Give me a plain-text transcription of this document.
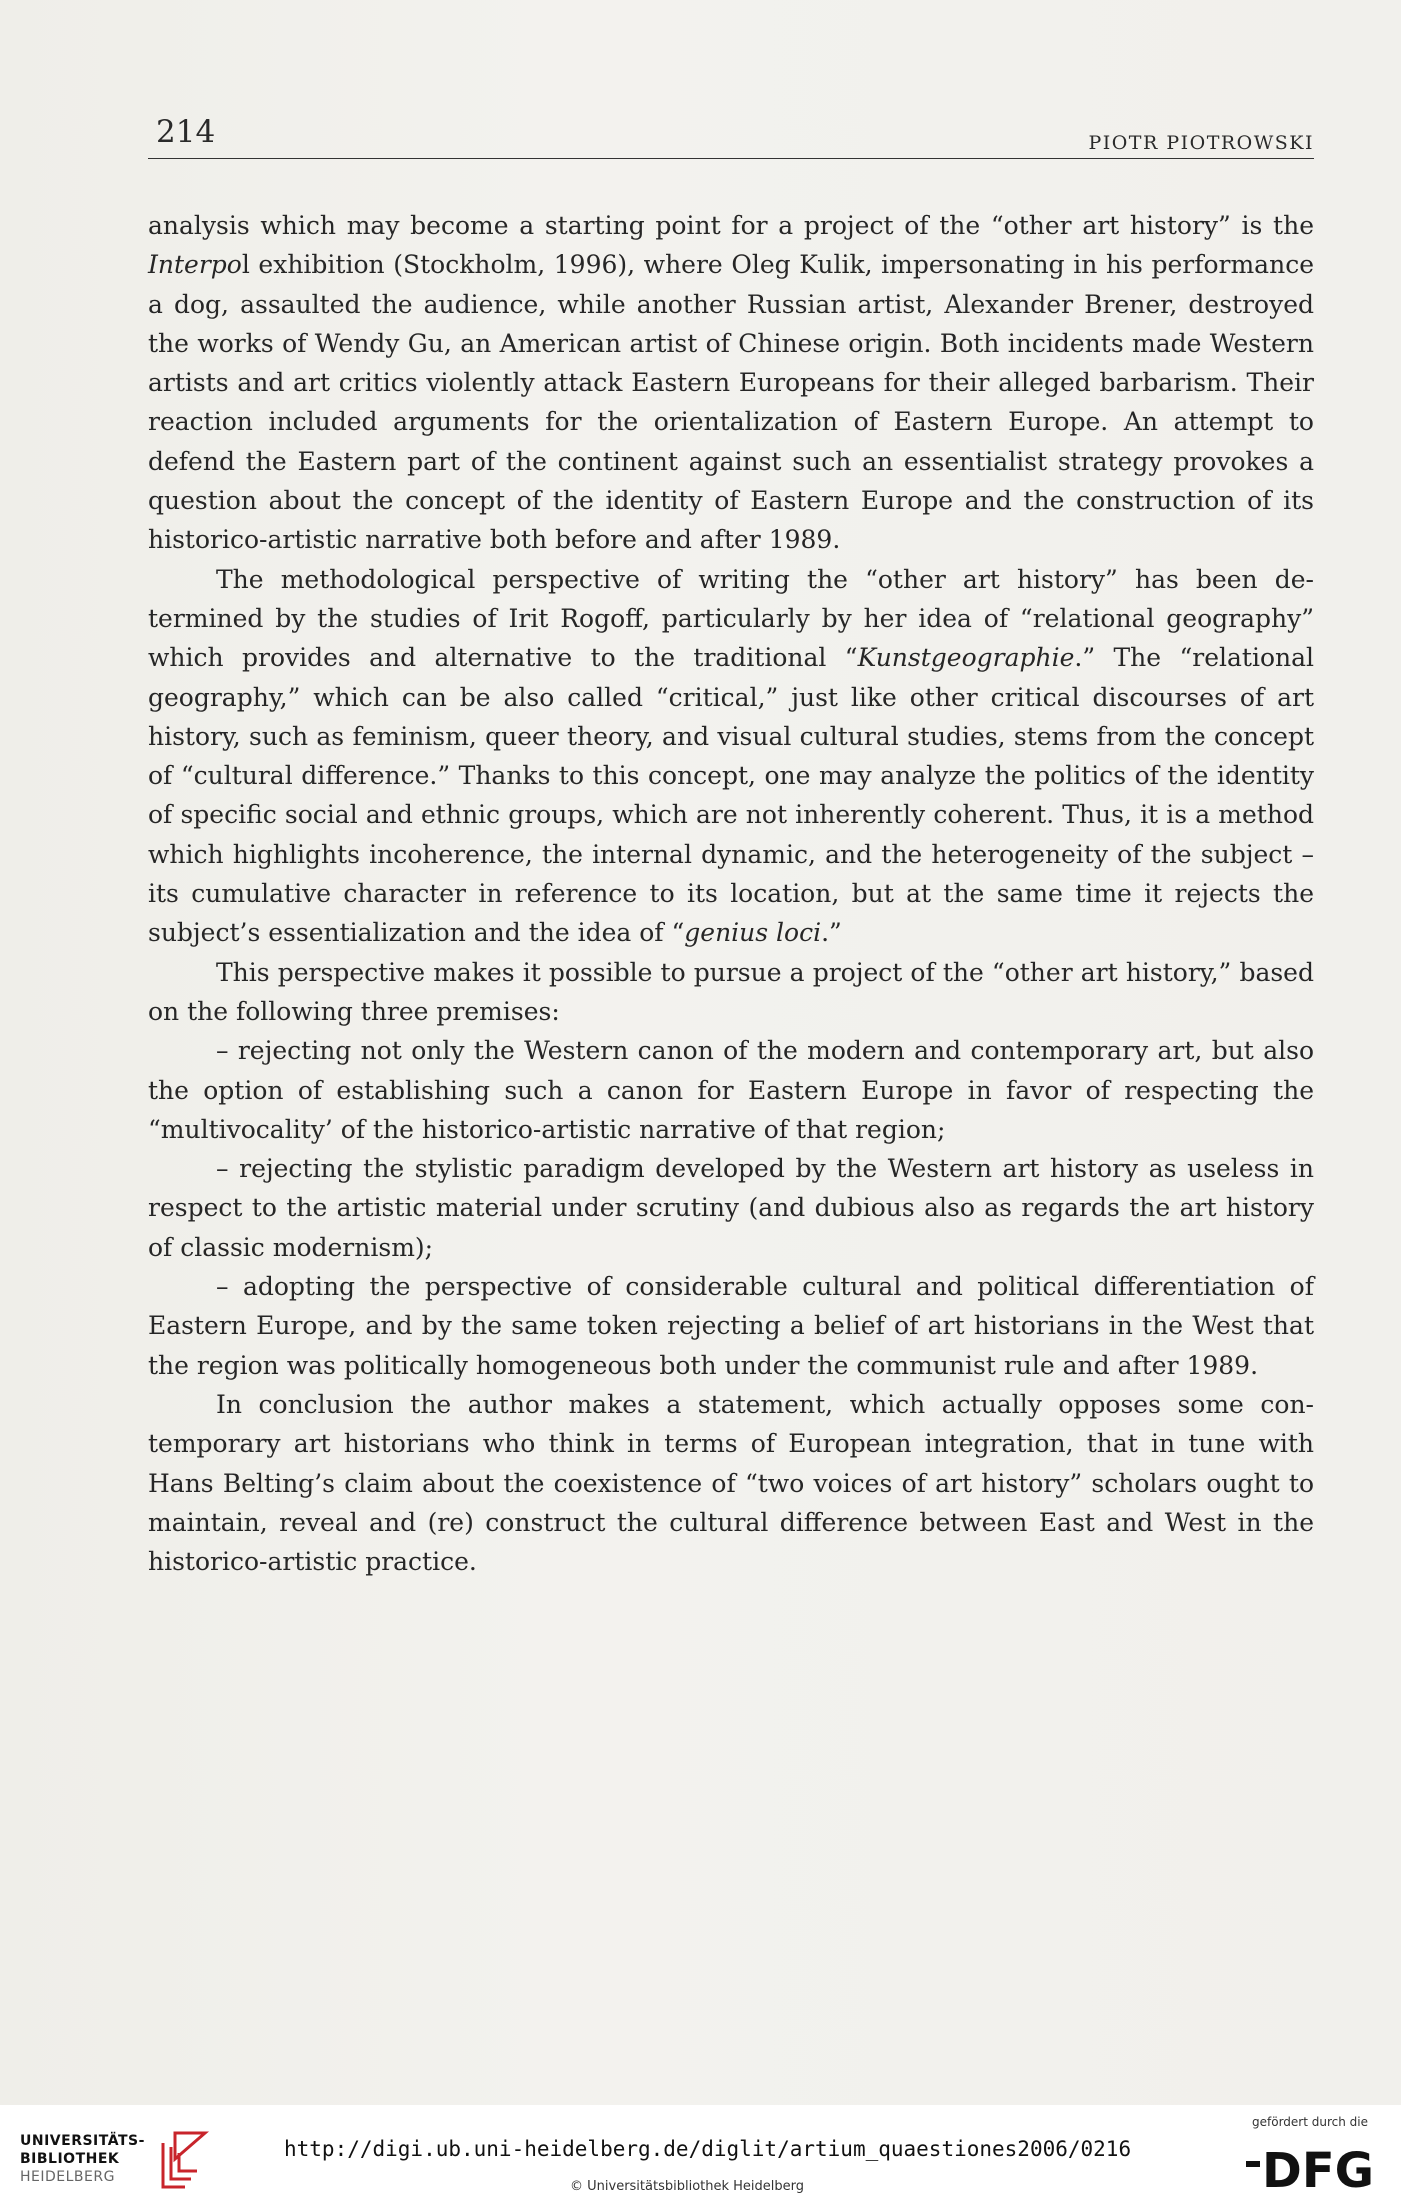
214	PIOTR PIOTROWSKI

analysis which may become a starting point for a project of the “other art history” is the Interpol exhibition (Stockholm, 1996), where Oleg Kulik, impersonating in his performance a dog, assaulted the audience, while another Russian artist, Alexander Brener, destroyed the works of Wendy Gu, an American artist of Chinese origin. Both incidents made Western artists and art critics violently attack Eastern Europeans for their alleged barbarism. Their reaction included arguments for the orientalization of Eastern Europe. An attempt to defend the Eastern part of the continent against such an essentialist strategy provokes a question about the concept of the identity of Eastern Europe and the construction of its historico-artistic narrative both before and after 1989.

The methodological perspective of writing the “other art history” has been determined by the studies of Irit Rogoff, particularly by her idea of “relational geography” which provides and alternative to the traditional “Kunstgeographie.” The “relational geography,” which can be also called “critical,” just like other critical discourses of art history, such as feminism, queer theory, and visual cultural studies, stems from the concept of “cultural difference.” Thanks to this concept, one may analyze the politics of the identity of specific social and ethnic groups, which are not inherently coherent. Thus, it is a method which highlights incoherence, the internal dynamic, and the heterogeneity of the subject – its cumulative character in reference to its location, but at the same time it rejects the subject’s essentialization and the idea of “genius loci.”

This perspective makes it possible to pursue a project of the “other art history,” based on the following three premises:

– rejecting not only the Western canon of the modern and contemporary art, but also the option of establishing such a canon for Eastern Europe in favor of respecting the “multivocality’ of the historico-artistic narrative of that region;

– rejecting the stylistic paradigm developed by the Western art history as useless in respect to the artistic material under scrutiny (and dubious also as regards the art history of classic modernism);

– adopting the perspective of considerable cultural and political differentiation of Eastern Europe, and by the same token rejecting a belief of art historians in the West that the region was politically homogeneous both under the communist rule and after 1989.

In conclusion the author makes a statement, which actually opposes some contemporary art historians who think in terms of European integration, that in tune with Hans Belting’s claim about the coexistence of “two voices of art history” scholars ought to maintain, reveal and (re) construct the cultural difference between East and West in the historico-artistic practice.

UNIVERSITÄTS-
BIBLIOTHEK
HEIDELBERG
http://digi.ub.uni-heidelberg.de/diglit/artium_quaestiones2006/0216
© Universitätsbibliothek Heidelberg
gefördert durch die
DFG
